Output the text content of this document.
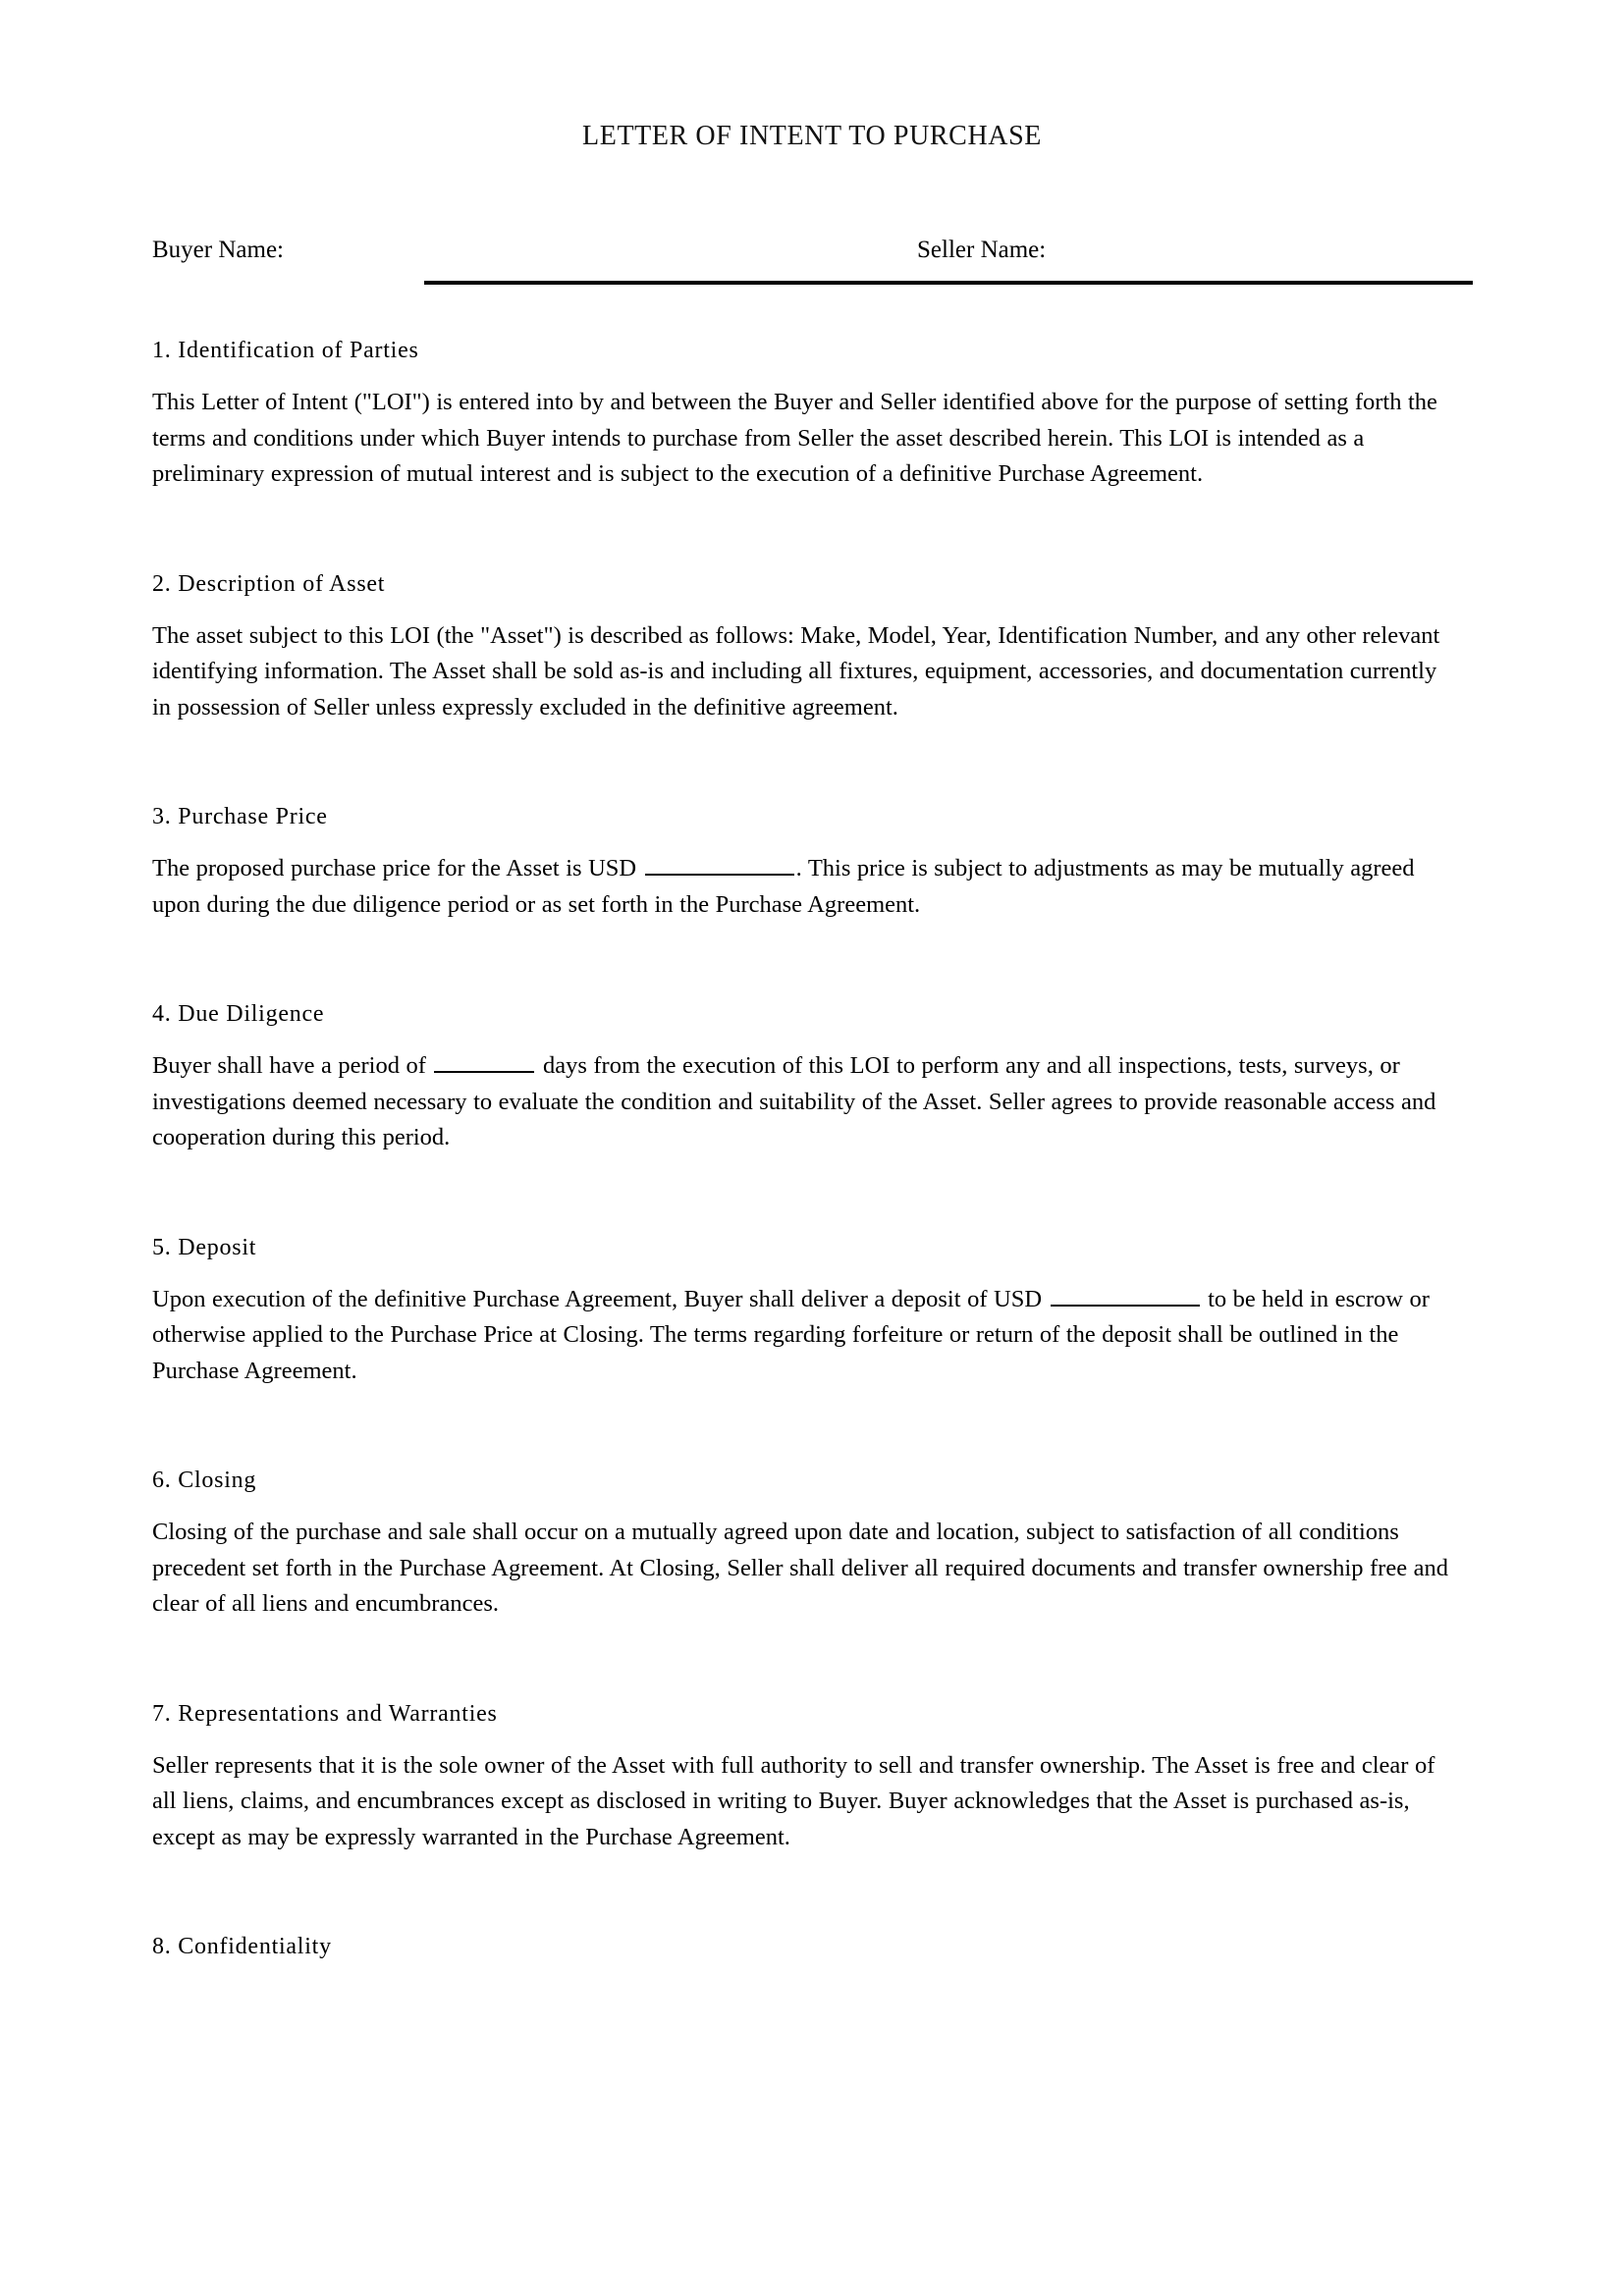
LETTER OF INTENT TO PURCHASE
Buyer Name:	Seller Name:
1. Identification of Parties

This Letter of Intent ("LOI") is entered into by and between the Buyer and Seller identified above for the purpose of setting forth the terms and conditions under which Buyer intends to purchase from Seller the asset described herein. This LOI is intended as a preliminary expression of mutual interest and is subject to the execution of a definitive Purchase Agreement.

2. Description of Asset

The asset subject to this LOI (the "Asset") is described as follows: Make, Model, Year, Identification Number, and any other relevant identifying information. The Asset shall be sold as-is and including all fixtures, equipment, accessories, and documentation currently in possession of Seller unless expressly excluded in the definitive agreement.

3. Purchase Price

The proposed purchase price for the Asset is USD	. This price is subject to adjustments as may be mutually agreed upon during the due diligence period or as set forth in the Purchase Agreement.

4. Due Diligence

Buyer shall have a period of	days from the execution of this LOI to perform any and all inspections, tests, surveys, or investigations deemed necessary to evaluate the condition and suitability of the Asset. Seller agrees to provide reasonable access and cooperation during this period.

5. Deposit

Upon execution of the definitive Purchase Agreement, Buyer shall deliver a deposit of USD	to be held in escrow or otherwise applied to the Purchase Price at Closing. The terms regarding forfeiture or return of the deposit shall be outlined in the Purchase Agreement.

6. Closing

Closing of the purchase and sale shall occur on a mutually agreed upon date and location, subject to satisfaction of all conditions precedent set forth in the Purchase Agreement. At Closing, Seller shall deliver all required documents and transfer ownership free and clear of all liens and encumbrances.

7. Representations and Warranties

Seller represents that it is the sole owner of the Asset with full authority to sell and transfer ownership. The Asset is free and clear of all liens, claims, and encumbrances except as disclosed in writing to Buyer. Buyer acknowledges that the Asset is purchased as-is, except as may be expressly warranted in the Purchase Agreement.

8. Confidentiality
